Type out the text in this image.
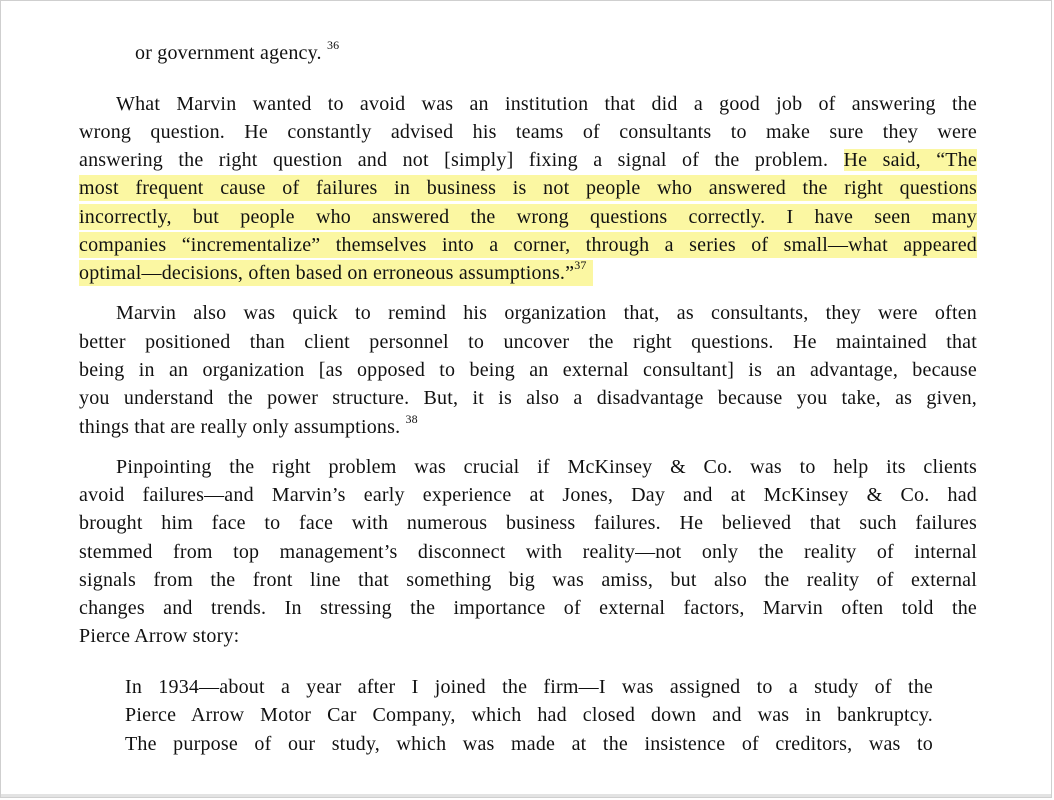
or government agency. $^{36}$
What Marvin wanted to avoid was an institution that did a good job of answering the
wrong question. He constantly advised his teams of consultants to make sure they were
answering the right question and not [simply] fixing a signal of the problem. He said, “The
most frequent cause of failures in business is not people who answered the right questions
incorrectly, but people who answered the wrong questions correctly. I have seen many
companies “incrementalize” themselves into a corner, through a series of small—what appeared
optimal—decisions, often based on erroneous assumptions.”$^{37}$
Marvin also was quick to remind his organization that, as consultants, they were often
better positioned than client personnel to uncover the right questions. He maintained that
being in an organization [as opposed to being an external consultant] is an advantage, because
you understand the power structure. But, it is also a disadvantage because you take, as given,
things that are really only assumptions. $^{38}$
Pinpointing the right problem was crucial if McKinsey & Co. was to help its clients
avoid failures—and Marvin’s early experience at Jones, Day and at McKinsey & Co. had
brought him face to face with numerous business failures. He believed that such failures
stemmed from top management’s disconnect with reality—not only the reality of internal
signals from the front line that something big was amiss, but also the reality of external
changes and trends. In stressing the importance of external factors, Marvin often told the
Pierce Arrow story:
In 1934—about a year after I joined the firm—I was assigned to a study of the
Pierce Arrow Motor Car Company, which had closed down and was in bankruptcy.
The purpose of our study, which was made at the insistence of creditors, was to
